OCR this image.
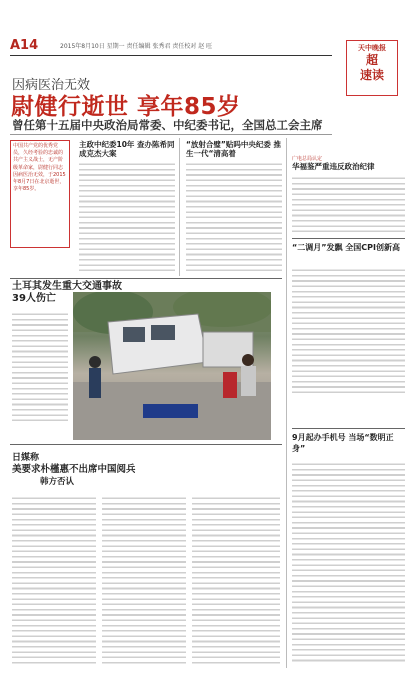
A14	2015年8月10日 星期一 责任编辑 张秀君 责任校对 赵 旺	天中晚报
超
速读
因病医治无效
尉健行逝世 享年85岁
曾任第十五届中央政治局常委、中纪委书记，全国总工会主席
中国共产党的优秀党员，久经考验的忠诚的共产主义战士，无产阶级革命家，尉健行同志因病医治无效，于2015年8月7日在北京逝世，享年85岁。
主政中纪委10年 查办陈希同成克杰大案
“放射合璧”贴吗中央纪委 推生一代“清高着
广电总局认定
华福鉴严重违反政治纪律
“二调月”发飘 全国CPI创新高
9月起办手机号 当场“数明正身”
土耳其发生重大交通事故 39人伤亡
日媒称
美要求朴槿惠不出席中国阅兵
韩方否认
